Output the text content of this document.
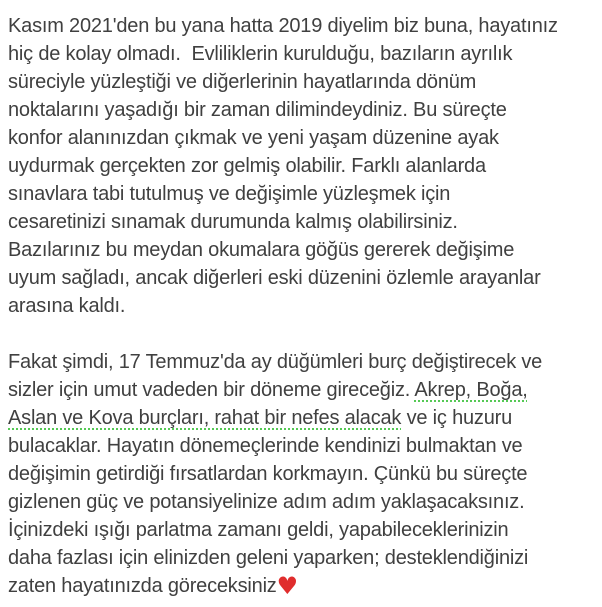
Kasım 2021'den bu yana hatta 2019 diyelim biz buna, hayatınız
hiç de kolay olmadı.  Evliliklerin kurulduğu, bazıların ayrılık
süreciyle yüzleştiği ve diğerlerinin hayatlarında dönüm
noktalarını yaşadığı bir zaman dilimindeydiniz. Bu süreçte
konfor alanınızdan çıkmak ve yeni yaşam düzenine ayak
uydurmak gerçekten zor gelmiş olabilir. Farklı alanlarda
sınavlara tabi tutulmuş ve değişimle yüzleşmek için
cesaretinizi sınamak durumunda kalmış olabilirsiniz.
Bazılarınız bu meydan okumalara göğüs gererek değişime
uyum sağladı, ancak diğerleri eski düzenini özlemle arayanlar
arasına kaldı.
Fakat şimdi, 17 Temmuz'da ay düğümleri burç değiştirecek ve
sizler için umut vadeden bir döneme gireceğiz. Akrep, Boğa,
Aslan ve Kova burçları, rahat bir nefes alacak ve iç huzuru
bulacaklar. Hayatın dönemeçlerinde kendinizi bulmaktan ve
değişimin getirdiği fırsatlardan korkmayın. Çünkü bu süreçte
gizlenen güç ve potansiyelinize adım adım yaklaşacaksınız.
İçinizdeki ışığı parlatma zamanı geldi, yapabileceklerinizin
daha fazlası için elinizden geleni yaparken; desteklendiğinizi
zaten hayatınızda göreceksiniz♥
